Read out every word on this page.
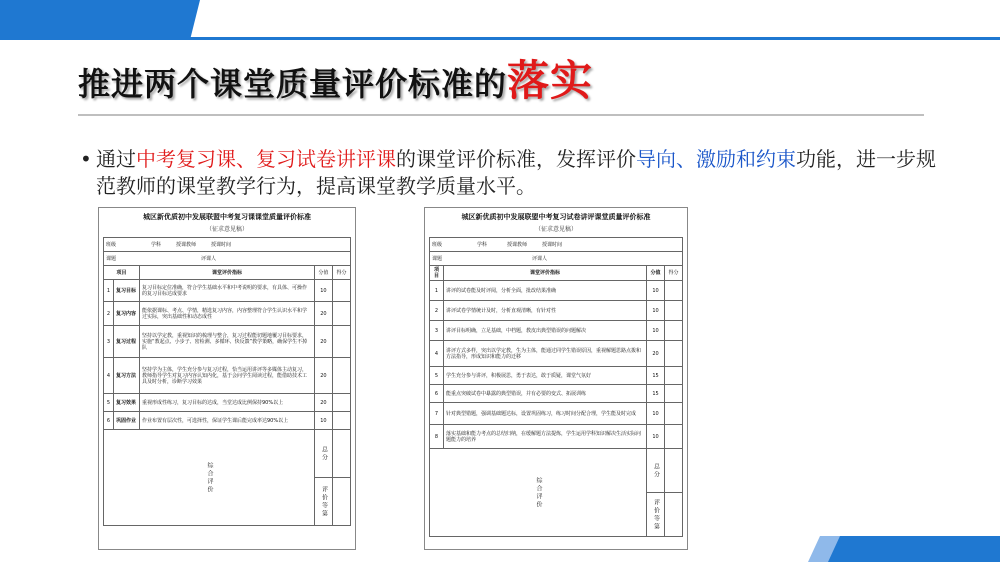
推进两个课堂质量评价标准的落实
• 通过中考复习课、复习试卷讲评课的课堂评价标准，发挥评价导向、激励和约束功能，进一步规范教师的课堂教学行为，提高课堂教学质量水平。
城区新优质初中发展联盟中考复习课课堂质量评价标准
（征求意见稿）
班级        学科    授课教师    授课时间				
课题                  评课人				
项目		课堂评价指标	分值	得分
1	复习目标	复习目标定位准确，符合学生基础水平和中考说明的要求，有具体、可操作的复习目标达成要求	10	
2	复习内容	能依据课标、考点、学情，精选复习内容，内容整理符合学生认识水平和学过实际，突出基础性和动态成性	20	
3	复习过程	坚持以学定教，重视知识的梳理与整合，复习过程能切题地覆习目标要求，实施“教起点、小步子、密检测、多循环、快反馈”教学策略，确保学生不掉队	20	
4	复习方法	坚持学为主体，学生充分参与复习过程，恰当运用讲评等多媒体主动复习，教师指导学生对复习内容认知内化，基于会问学生阅读过程，能借助技术工具及时分析，诊断学习效果	20	
5	复习效果	重视形成性练习，复习目标的达成，当堂达成比例保持90%以上	20	
6	巩固作业	作业布置有层次性，可选择性，保证学生课后能完成率达90%以上	10	

综合评价			总分	

			评价等第	

城区新优质初中发展联盟中考复习试卷讲评课堂质量评价标准
（征求意见稿）
班级        学科     授课教师    授课时间			
课题                   评课人			
项目	课堂评价指标	分值	得分
1	讲评的试卷能及时评阅，分析全面，批改结果准确	10	
2	讲评试卷学情统计及时，分析直观清晰，有针对性	10	
3	讲评目标明确，立足基础，中档题，教皮出典型错误的问题解决	10	
4	讲评方式多样，突出以学定教，生为主体，能通过同学生错误原因，重视解题思路点拨和方法指导，形成知识和能力的迁移	20	
5	学生充分参与讲评，积极展思，勇于表达，敢于质疑，课堂气氛好	15	
6	能重点突破试卷中暴露的典型错误，并有必要的变式、拓展训练	15	
7	针对典型错题，强调基础题达标，设置巩固练习，练习时间分配合理，学生能及时完成	10	
8	落实基础和能力考点的总结归纳，在缓解题方法提炼，学生运用学科知识解决生活实际问题能力的培养	10	

综合评价		总分	

		评价等第	
